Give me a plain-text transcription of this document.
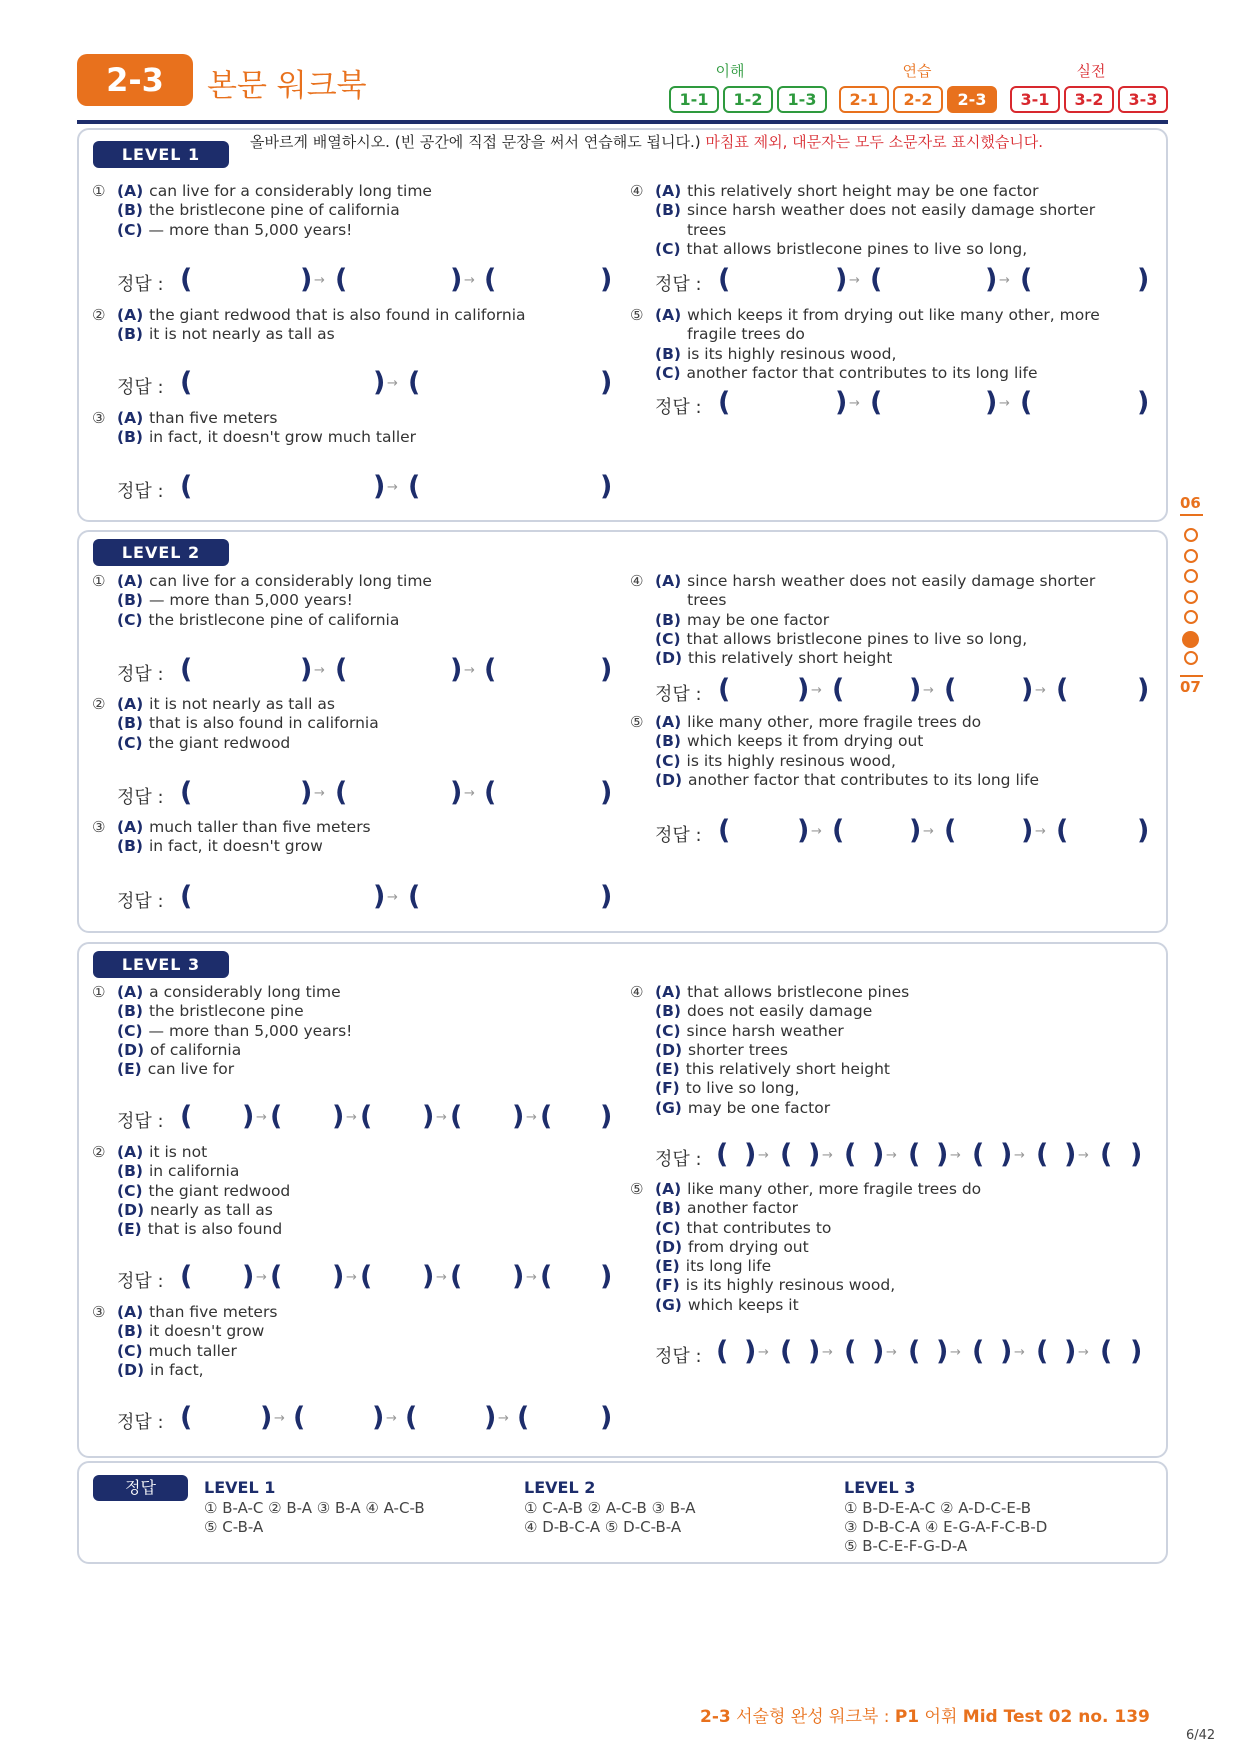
2-3	본문 워크북	이해	연습	실전
1-1	1-2	1-3	2-1	2-2	2-3	3-1	3-2	3-3
LEVEL 1
LEVEL 2
LEVEL 3
올바르게 배열하시오. (빈 공간에 직접 문장을 써서 연습해도 됩니다.) 마침표 제외, 대문자는 모두 소문자로 표시했습니다.
① (A) can live for a considerably long time
(B) the bristlecone pine of california
(C) — more than 5,000 years!
정답 : (	) → (	) → (	)
② (A) the giant redwood that is also found in california
(B) it is not nearly as tall as
정답 : (	) → (	)
③ (A) than five meters
(B) in fact, it doesn't grow much taller
정답 : (	) → (	)
④ (A) this relatively short height may be one factor
(B) since harsh weather does not easily damage shorter trees
(C) that allows bristlecone pines to live so long,
정답 : (	) → (	) → (	)
⑤ (A) which keeps it from drying out like many other, more fragile trees do
(B) is its highly resinous wood,
(C) another factor that contributes to its long life
정답 : (	) → (	) → (	)
① (A) can live for a considerably long time
(B) — more than 5,000 years!
(C) the bristlecone pine of california
정답 : (	) → (	) → (	)
② (A) it is not nearly as tall as
(B) that is also found in california
(C) the giant redwood
정답 : (	) → (	) → (	)
③ (A) much taller than five meters
(B) in fact, it doesn't grow
정답 : (	) → (	)
④ (A) since harsh weather does not easily damage shorter trees
(B) may be one factor
(C) that allows bristlecone pines to live so long,
(D) this relatively short height
정답 : ( ) → ( ) → ( ) → (	)
⑤ (A) like many other, more fragile trees do
(B) which keeps it from drying out
(C) is its highly resinous wood,
(D) another factor that contributes to its long life
정답 : ( ) → ( ) → ( ) → (	)
① (A) a considerably long time
(B) the bristlecone pine
(C) — more than 5,000 years!
(D) of california
(E) can live for
정답 : ( ) → ( ) → ( ) → ( ) → ( )
② (A) it is not
(B) in california
(C) the giant redwood
(D) nearly as tall as
(E) that is also found
정답 : ( ) → ( ) → ( ) → ( ) → ( )
③ (A) than five meters
(B) it doesn't grow
(C) much taller
(D) in fact,
정답 : (	) → ( ) → ( ) → (	)
④ (A) that allows bristlecone pines
(B) does not easily damage
(C) since harsh weather
(D) shorter trees
(E) this relatively short height
(F) to live so long,
(G) may be one factor
정답 : ( ) → ( ) → ( ) → ( ) → ( ) → ( ) → ( )
⑤ (A) like many other, more fragile trees do
(B) another factor
(C) that contributes to
(D) from drying out
(E) its long life
(F) is its highly resinous wood,
(G) which keeps it
정답 : ( ) → ( ) → ( ) → ( ) → ( ) → ( ) → ( )
정답	LEVEL 1
① B-A-C ② B-A ③ B-A ④ A-C-B
⑤ C-B-A
LEVEL 2
① C-A-B ② A-C-B ③ B-A
④ D-B-C-A ⑤ D-C-B-A
LEVEL 3
① B-D-E-A-C ② A-D-C-E-B
③ D-B-C-A ④ E-G-A-F-C-B-D
⑤ B-C-E-F-G-D-A
06
07
2-3 서술형 완성 워크북 : P1 어휘 Mid Test 02 no. 139
6/42
